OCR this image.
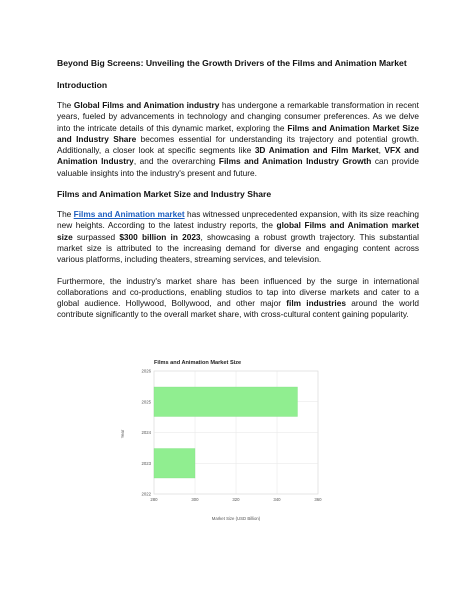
Beyond Big Screens: Unveiling the Growth Drivers of the Films and Animation Market
Introduction

The Global Films and Animation industry has undergone a remarkable transformation in recent years, fueled by advancements in technology and changing consumer preferences. As we delve into the intricate details of this dynamic market, exploring the Films and Animation Market Size and Industry Share becomes essential for understanding its trajectory and potential growth. Additionally, a closer look at specific segments like 3D Animation and Film Market, VFX and Animation Industry, and the overarching Films and Animation Industry Growth can provide valuable insights into the industry's present and future.

Films and Animation Market Size and Industry Share

The Films and Animation market has witnessed unprecedented expansion, with its size reaching new heights. According to the latest industry reports, the global Films and Animation market size surpassed $300 billion in 2023, showcasing a robust growth trajectory. This substantial market size is attributed to the increasing demand for diverse and engaging content across various platforms, including theaters, streaming services, and television.

Furthermore, the industry's market share has been influenced by the surge in international collaborations and co-productions, enabling studios to tap into diverse markets and cater to a global audience. Hollywood, Bollywood, and other major film industries around the world contribute significantly to the overall market share, with cross-cultural content gaining popularity.

280	300	320	340	360
2022
2023
2024
2025
2026
Films and Animation Market Size
Market Size (USD Billion)
Year
